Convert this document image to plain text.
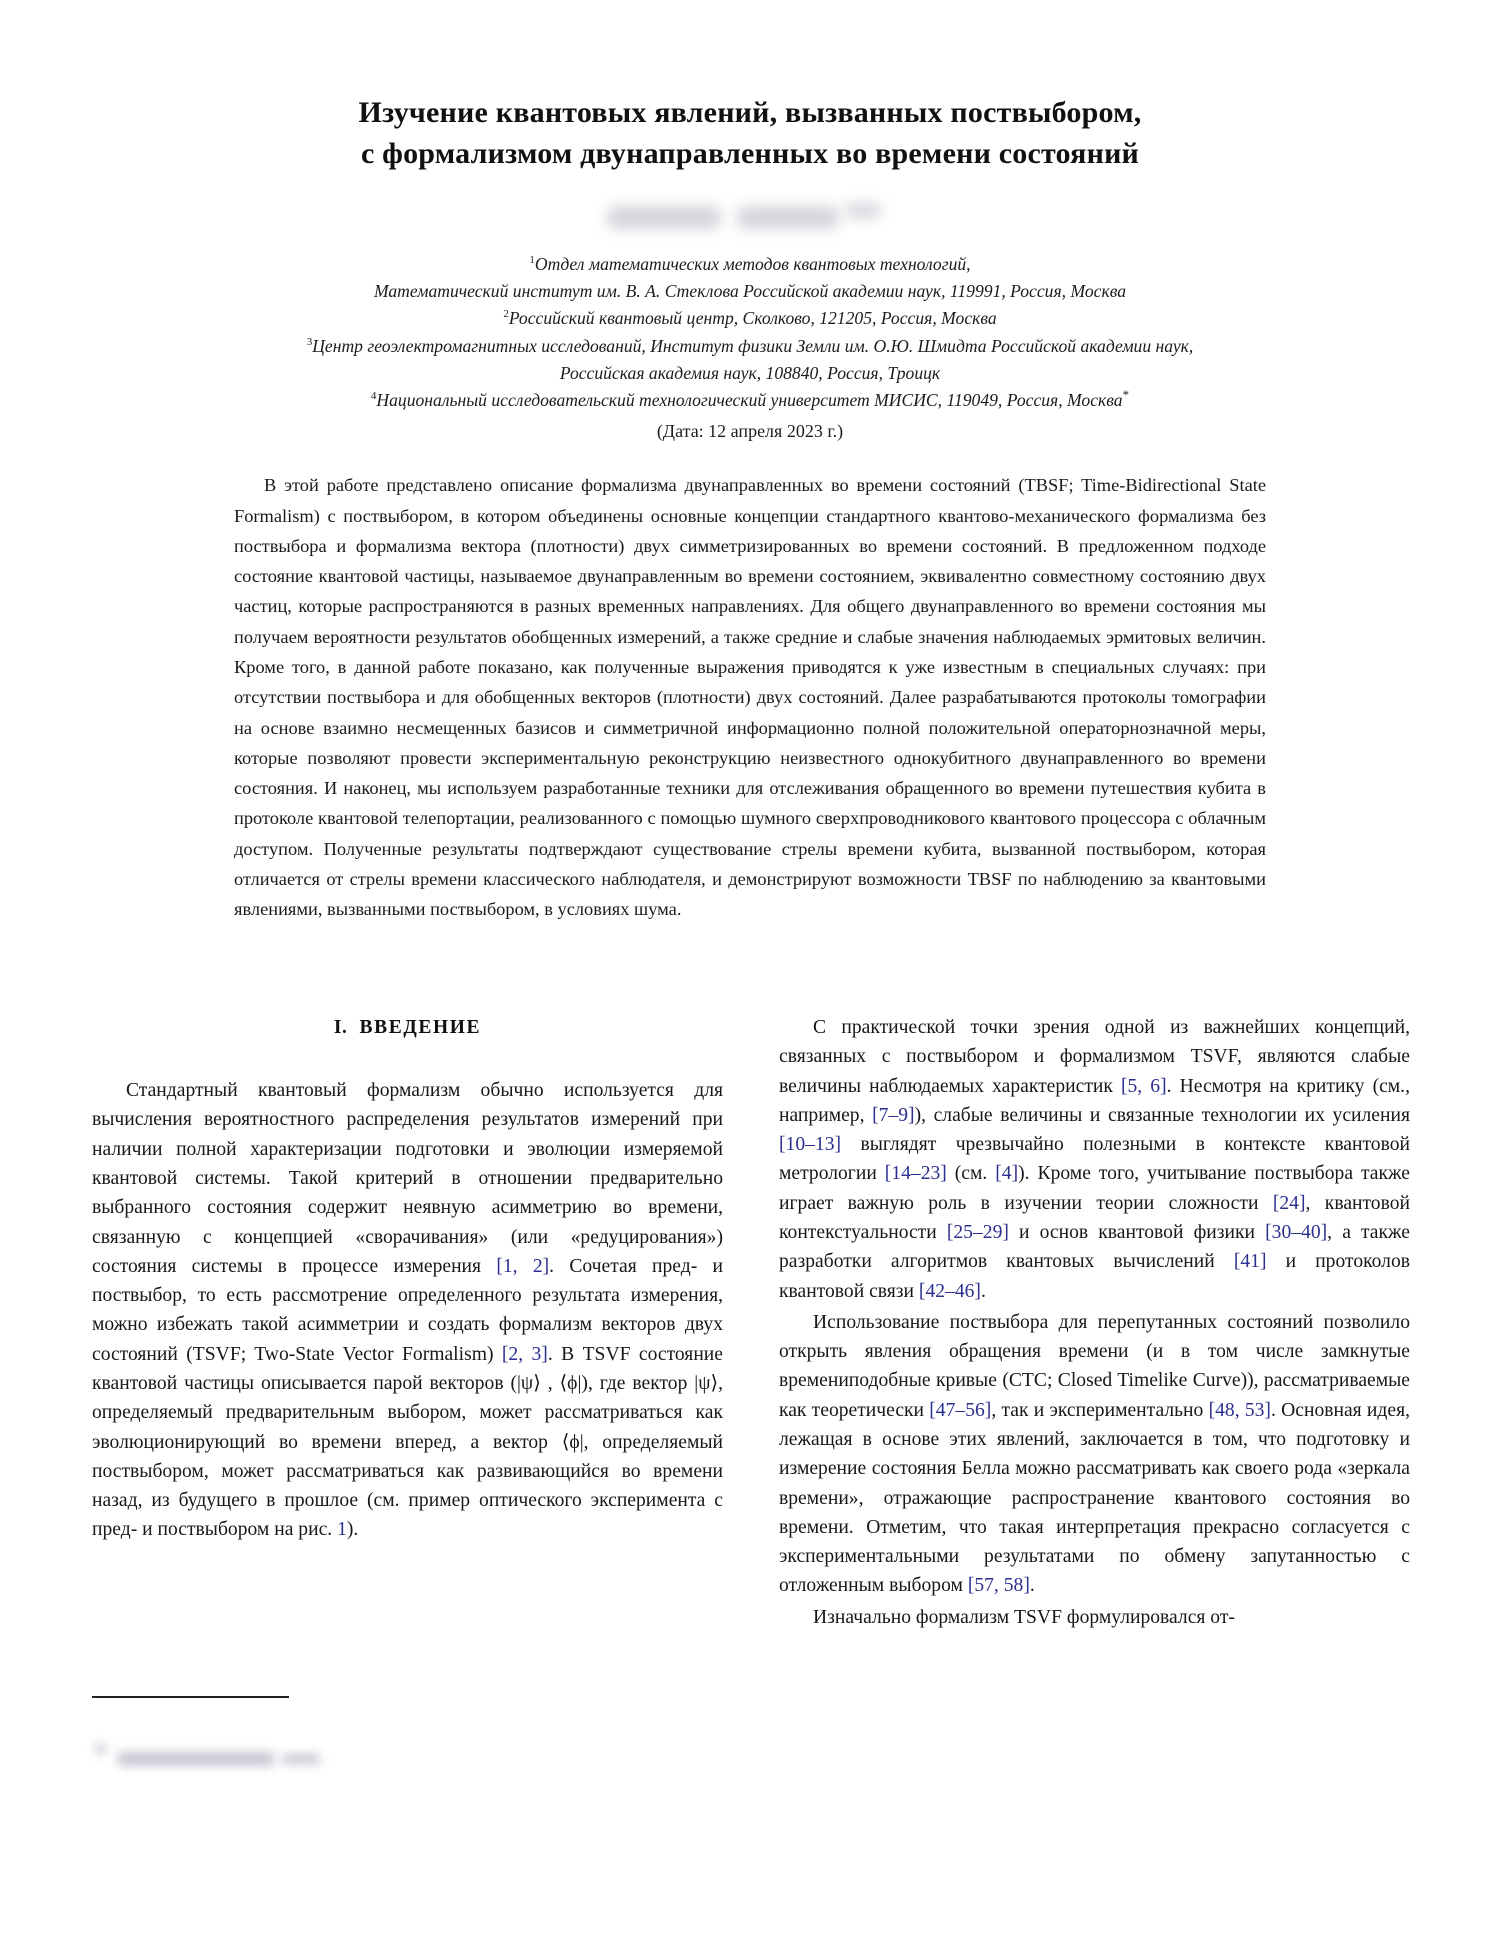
Изучение квантовых явлений, вызванных поствыбором,
с формализмом двунаправленных во времени состояний
$^1$Отдел математических методов квантовых технологий,
Математический институт им. В. А. Стеклова Российской академии наук, 119991, Россия, Москва
$^2$Российский квантовый центр, Сколково, 121205, Россия, Москва
$^3$Центр геоэлектромагнитных исследований, Институт физики Земли им. О.Ю. Шмидта Российской академии наук,
Российская академия наук, 108840, Россия, Троицк
$^4$Национальный исследовательский технологический университет МИСИС, 119049, Россия, Москва*
(Дата: 12 апреля 2023 г.)

В этой работе представлено описание формализма двунаправленных во времени состояний (TBSF; Time-Bidirectional State Formalism) с поствыбором, в котором объединены основные концепции стандартного квантово-механического формализма без поствыбора и формализма вектора (плотности) двух симметризированных во времени состояний. В предложенном подходе состояние квантовой частицы, называемое двунаправленным во времени состоянием, эквивалентно совместному состоянию двух частиц, которые распространяются в разных временных направлениях. Для общего двунаправленного во времени состояния мы получаем вероятности результатов обобщенных измерений, а также средние и слабые значения наблюдаемых эрмитовых величин. Кроме того, в данной работе показано, как полученные выражения приводятся к уже известным в специальных случаях: при отсутствии поствыбора и для обобщенных векторов (плотности) двух состояний. Далее разрабатываются протоколы томографии на основе взаимно несмещенных базисов и симметричной информационно полной положительной операторнозначной меры, которые позволяют провести экспериментальную реконструкцию неизвестного однокубитного двунаправленного во времени состояния. И наконец, мы используем разработанные техники для отслеживания обращенного во времени путешествия кубита в протоколе квантовой телепортации, реализованного с помощью шумного сверхпроводникового квантового процессора с облачным доступом. Полученные результаты подтверждают существование стрелы времени кубита, вызванной поствыбором, которая отличается от стрелы времени классического наблюдателя, и демонстрируют возможности TBSF по наблюдению за квантовыми явлениями, вызванными поствыбором, в условиях шума.

I. ВВЕДЕНИЕ

Стандартный квантовый формализм обычно используется для вычисления вероятностного распределения результатов измерений при наличии полной характеризации подготовки и эволюции измеряемой квантовой системы. Такой критерий в отношении предварительно выбранного состояния содержит неявную асимметрию во времени, связанную с концепцией «сворачивания» (или «редуцирования») состояния системы в процессе измерения [1, 2]. Сочетая пред- и поствыбор, то есть рассмотрение определенного результата измерения, можно избежать такой асимметрии и создать формализм векторов двух состояний (TSVF; Two-State Vector Formalism) [2, 3]. В TSVF состояние квантовой частицы описывается парой векторов (|ψ⟩ , ⟨ϕ|), где вектор |ψ⟩, определяемый предварительным выбором, может рассматриваться как эволюционирующий во времени вперед, а вектор ⟨ϕ|, определяемый поствыбором, может рассматриваться как развивающийся во времени назад, из будущего в прошлое (см. пример оптического эксперимента с пред- и поствыбором на рис. 1).

С практической точки зрения одной из важнейших концепций, связанных с поствыбором и формализмом TSVF, являются слабые величины наблюдаемых характеристик [5, 6]. Несмотря на критику (см., например, [7–9]), слабые величины и связанные технологии их усиления [10–13] выглядят чрезвычайно полезными в контексте квантовой метрологии [14–23] (см. [4]). Кроме того, учитывание поствыбора также играет важную роль в изучении теории сложности [24], квантовой контекстуальности [25–29] и основ квантовой физики [30–40], а также разработки алгоритмов квантовых вычислений [41] и протоколов квантовой связи [42–46].

Использование поствыбора для перепутанных состояний позволило открыть явления обращения времени (и в том числе замкнутые времениподобные кривые (CTC; Closed Timelike Curve)), рассматриваемые как теоретически [47–56], так и экспериментально [48, 53]. Основная идея, лежащая в основе этих явлений, заключается в том, что подготовку и измерение состояния Белла можно рассматривать как своего рода «зеркала времени», отражающие распространение квантового состояния во времени. Отметим, что такая интерпретация прекрасно согласуется с экспериментальными результатами по обмену запутанностью с отложенным выбором [57, 58].

Изначально формализм TSVF формулировался от-
